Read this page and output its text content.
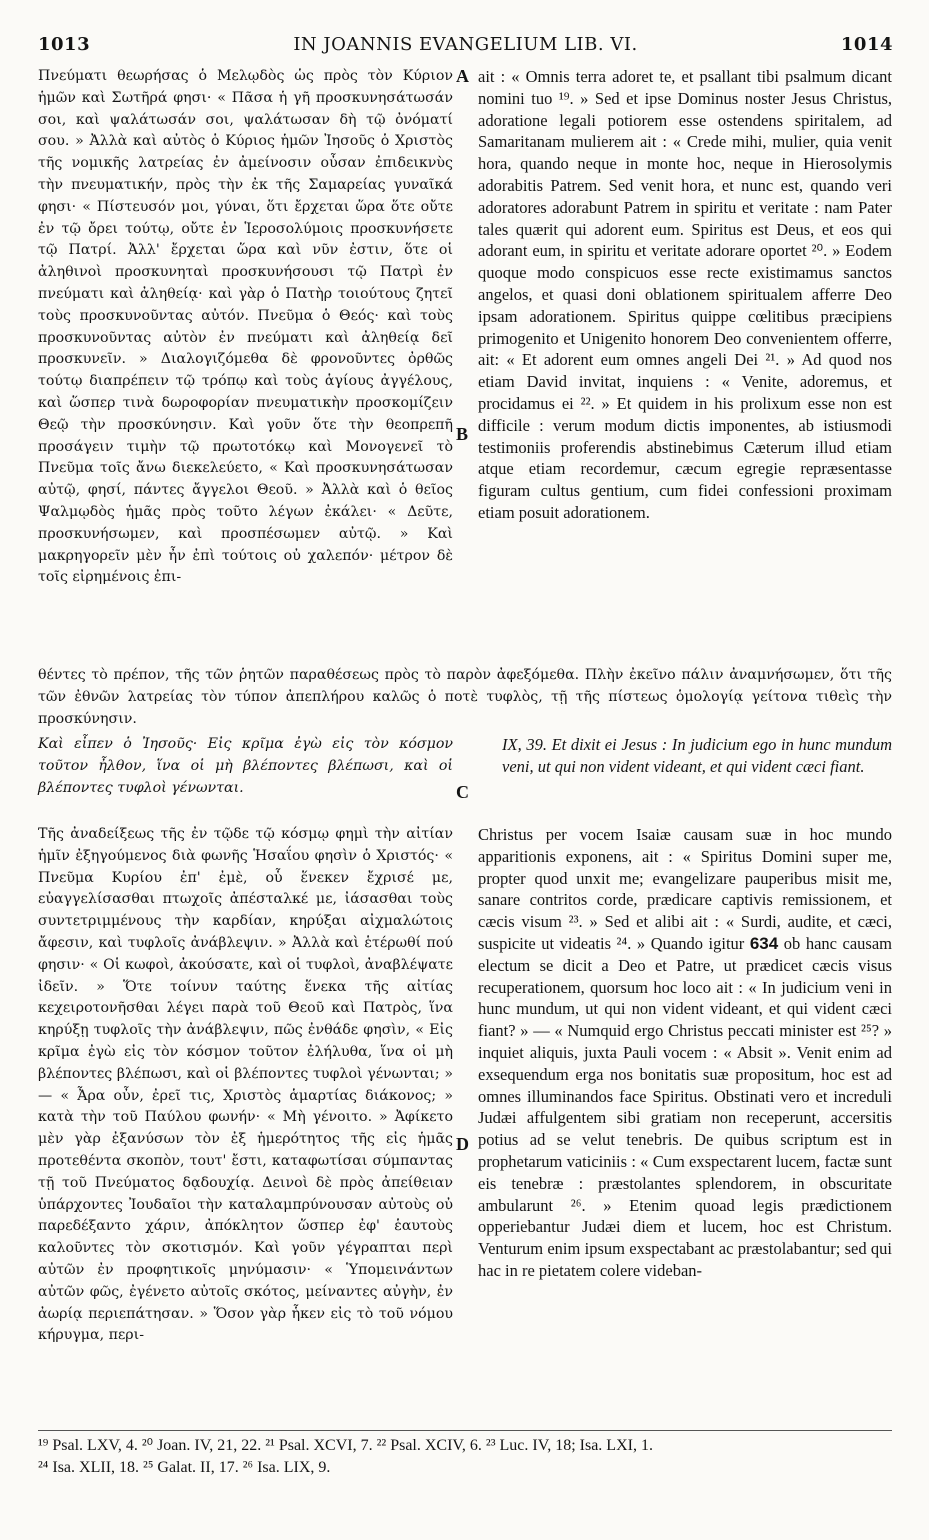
1013	IN JOANNIS EVANGELIUM LIB. VI.	1014

Πνεύματι θεωρήσας ὁ Μελῳδὸς ὡς πρὸς τὸν Κύριον ἡμῶν καὶ Σωτῆρά φησι· « Πᾶσα ἡ γῆ προσκυνησάτωσάν σοι, καὶ ψαλάτωσάν σοι, ψαλάτωσαν δὴ τῷ ὀνόματί σου. » Ἀλλὰ καὶ αὐτὸς ὁ Κύριος ἡμῶν Ἰησοῦς ὁ Χριστὸς τῆς νομικῆς λατρείας ἐν ἀμείνοσιν οὖσαν ἐπιδεικνὺς τὴν πνευματικήν, πρὸς τὴν ἐκ τῆς Σαμαρείας γυναῖκά φησι· « Πίστευσόν μοι, γύναι, ὅτι ἔρχεται ὥρα ὅτε οὔτε ἐν τῷ ὄρει τούτῳ, οὔτε ἐν Ἱεροσολύμοις προσκυνήσετε τῷ Πατρί. Ἀλλ' ἔρχεται ὥρα καὶ νῦν ἐστιν, ὅτε οἱ ἀληθινοὶ προσκυνηταὶ προσκυνήσουσι τῷ Πατρὶ ἐν πνεύματι καὶ ἀληθείᾳ· καὶ γὰρ ὁ Πατὴρ τοιούτους ζητεῖ τοὺς προσκυνοῦντας αὐτόν. Πνεῦμα ὁ Θεός· καὶ τοὺς προσκυνοῦντας αὐτὸν ἐν πνεύματι καὶ ἀληθείᾳ δεῖ προσκυνεῖν. » Διαλογιζόμεθα δὲ φρονοῦντες ὀρθῶς τούτῳ διαπρέπειν τῷ τρόπῳ καὶ τοὺς ἁγίους ἀγγέλους, καὶ ὥσπερ τινὰ δωροφορίαν πνευματικὴν προσκομίζειν Θεῷ τὴν προσκύνησιν. Καὶ γοῦν ὅτε τὴν θεοπρεπῆ προσάγειν τιμὴν τῷ πρωτοτόκῳ καὶ Μονογενεῖ τὸ Πνεῦμα τοῖς ἄνω διεκελεύετο, « Καὶ προσκυνησάτωσαν αὐτῷ, φησί, πάντες ἄγγελοι Θεοῦ. » Ἀλλὰ καὶ ὁ θεῖος Ψαλμῳδὸς ἡμᾶς πρὸς τοῦτο λέγων ἐκάλει· « Δεῦτε, προσκυνήσωμεν, καὶ προσπέσωμεν αὐτῷ. » Καὶ μακρηγορεῖν μὲν ἦν ἐπὶ τούτοις οὐ χαλεπόν· μέτρον δὲ τοῖς εἰρημένοις ἐπι-

ait : « Omnis terra adoret te, et psallant tibi psalmum dicant nomini tuo ¹⁹. » Sed et ipse Dominus noster Jesus Christus, adoratione legali potiorem esse ostendens spiritalem, ad Samaritanam mulierem ait : « Crede mihi, mulier, quia venit hora, quando neque in monte hoc, neque in Hierosolymis adorabitis Patrem. Sed venit hora, et nunc est, quando veri adoratores adorabunt Patrem in spiritu et veritate : nam Pater tales quærit qui adorent eum. Spiritus est Deus, et eos qui adorant eum, in spiritu et veritate adorare oportet ²⁰. » Eodem quoque modo conspicuos esse recte existimamus sanctos angelos, et quasi doni oblationem spiritualem afferre Deo ipsam adorationem. Spiritus quippe cœlitibus præcipiens primogenito et Unigenito honorem Deo convenientem offerre, ait: « Et adorent eum omnes angeli Dei ²¹. » Ad quod nos etiam David invitat, inquiens : « Venite, adoremus, et procidamus ei ²². » Et quidem in his prolixum esse non est difficile : verum modum dictis imponentes, ab istiusmodi testimoniis proferendis abstinebimus Cæterum illud etiam atque etiam recordemur, cæcum egregie repræsentasse figuram cultus gentium, cum fidei confessioni proximam etiam posuit adorationem.

A
B
C
D

θέντες τὸ πρέπον, τῆς τῶν ῥητῶν παραθέσεως πρὸς τὸ παρὸν ἀφεξόμεθα. Πλὴν ἐκεῖνο πάλιν ἀναμνήσωμεν, ὅτι τῆς τῶν ἐθνῶν λατρείας τὸν τύπον ἀπεπλήρου καλῶς ὁ ποτὲ τυφλὸς, τῇ τῆς πίστεως ὁμολογίᾳ γείτονα τιθεὶς τὴν προσκύνησιν.

Καὶ εἶπεν ὁ Ἰησοῦς· Εἰς κρῖμα ἐγὼ εἰς τὸν κόσμον τοῦτον ἦλθον, ἵνα οἱ μὴ βλέποντες βλέπωσι, καὶ οἱ βλέποντες τυφλοὶ γένωνται.

IX, 39. Et dixit ei Jesus : In judicium ego in hunc mundum veni, ut qui non vident videant, et qui vident cæci fiant.

Τῆς ἀναδείξεως τῆς ἐν τῷδε τῷ κόσμῳ φημὶ τὴν αἰτίαν ἡμῖν ἐξηγούμενος διὰ φωνῆς Ἡσαΐου φησὶν ὁ Χριστός· « Πνεῦμα Κυρίου ἐπ' ἐμὲ, οὗ ἕνεκεν ἔχρισέ με, εὐαγγελίσασθαι πτωχοῖς ἀπέσταλκέ με, ἰάσασθαι τοὺς συντετριμμένους τὴν καρδίαν, κηρύξαι αἰχμαλώτοις ἄφεσιν, καὶ τυφλοῖς ἀνάβλεψιν. » Ἀλλὰ καὶ ἑτέρωθί πού φησιν· « Οἱ κωφοὶ, ἀκούσατε, καὶ οἱ τυφλοὶ, ἀναβλέψατε ἰδεῖν. » Ὅτε τοίνυν ταύτης ἕνεκα τῆς αἰτίας κεχειροτονῆσθαι λέγει παρὰ τοῦ Θεοῦ καὶ Πατρὸς, ἵνα κηρύξῃ τυφλοῖς τὴν ἀνάβλεψιν, πῶς ἐνθάδε φησὶν, « Εἰς κρῖμα ἐγὼ εἰς τὸν κόσμον τοῦτον ἐλήλυθα, ἵνα οἱ μὴ βλέποντες βλέπωσι, καὶ οἱ βλέποντες τυφλοὶ γένωνται; » — « Ἆρα οὖν, ἐρεῖ τις, Χριστὸς ἁμαρτίας διάκονος; » κατὰ τὴν τοῦ Παύλου φωνήν· « Μὴ γένοιτο. » Ἀφίκετο μὲν γὰρ ἐξανύσων τὸν ἐξ ἡμερότητος τῆς εἰς ἡμᾶς προτεθέντα σκοπὸν, τουτ' ἔστι, καταφωτίσαι σύμπαντας τῇ τοῦ Πνεύματος δᾳδουχίᾳ. Δεινοὶ δὲ πρὸς ἀπείθειαν ὑπάρχοντες Ἰουδαῖοι τὴν καταλαμπρύνουσαν αὐτοὺς οὐ παρεδέξαντο χάριν, ἀπόκλητον ὥσπερ ἐφ' ἑαυτοὺς καλοῦντες τὸν σκοτισμόν. Καὶ γοῦν γέγραπται περὶ αὐτῶν ἐν προφητικοῖς μηνύμασιν· « Ὑπομεινάντων αὐτῶν φῶς, ἐγένετο αὐτοῖς σκότος, μείναντες αὐγὴν, ἐν ἀωρίᾳ περιεπάτησαν. » Ὅσον γὰρ ἧκεν εἰς τὸ τοῦ νόμου κήρυγμα, περι-

Christus per vocem Isaiæ causam suæ in hoc mundo apparitionis exponens, ait : « Spiritus Domini super me, propter quod unxit me; evangelizare pauperibus misit me, sanare contritos corde, prædicare captivis remissionem, et cæcis visum ²³. » Sed et alibi ait : « Surdi, audite, et cæci, suspicite ut videatis ²⁴. » Quando igitur 634 ob hanc causam electum se dicit a Deo et Patre, ut prædicet cæcis visus recuperationem, quorsum hoc loco ait : « In judicium veni in hunc mundum, ut qui non vident videant, et qui vident cæci fiant? » — « Numquid ergo Christus peccati minister est ²⁵? » inquiet aliquis, juxta Pauli vocem : « Absit ». Venit enim ad exsequendum erga nos bonitatis suæ propositum, hoc est ad omnes illuminandos face Spiritus. Obstinati vero et increduli Judæi affulgentem sibi gratiam non receperunt, accersitis potius ad se velut tenebris. De quibus scriptum est in prophetarum vaticiniis : « Cum exspectarent lucem, factæ sunt eis tenebræ : præstolantes splendorem, in obscuritate ambularunt ²⁶. » Etenim quoad legis prædictionem opperiebantur Judæi diem et lucem, hoc est Christum. Venturum enim ipsum exspectabant ac præstolabantur; sed qui hac in re pietatem colere videban-

¹⁹ Psal. LXV, 4. ²⁰ Joan. IV, 21, 22. ²¹ Psal. XCVI, 7. ²² Psal. XCIV, 6. ²³ Luc. IV, 18; Isa. LXI, 1.

²⁴ Isa. XLII, 18. ²⁵ Galat. II, 17. ²⁶ Isa. LIX, 9.
